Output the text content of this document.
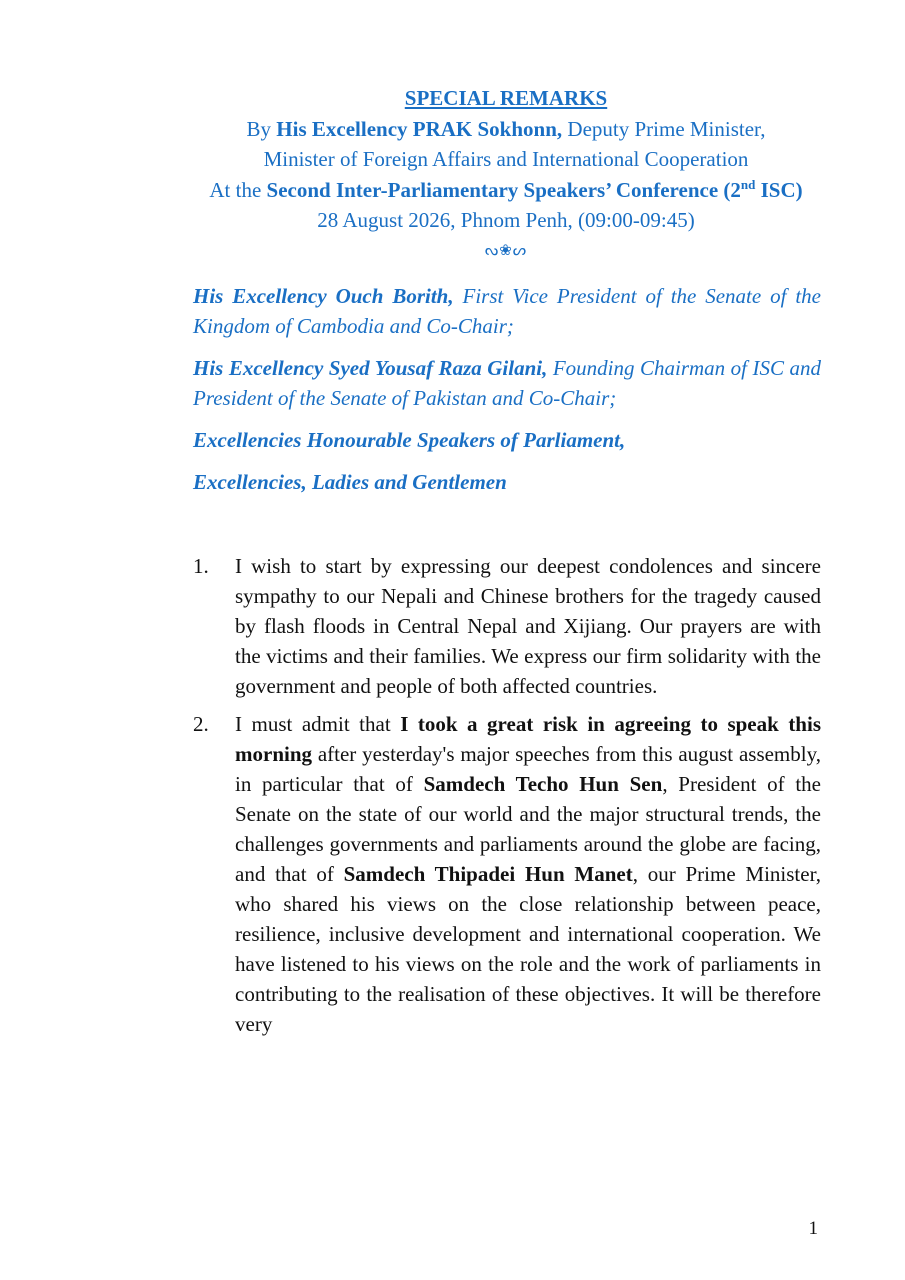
SPECIAL REMARKS
By His Excellency PRAK Sokhonn, Deputy Prime Minister,
Minister of Foreign Affairs and International Cooperation
At the Second Inter-Parliamentary Speakers’ Conference (2nd ISC)
28 August 2026, Phnom Penh, (09:00-09:45)
ᔓ❀ᔕ

His Excellency Ouch Borith, First Vice President of the Senate of the Kingdom of Cambodia and Co-Chair;

His Excellency Syed Yousaf Raza Gilani, Founding Chairman of ISC and President of the Senate of Pakistan and Co-Chair;

Excellencies Honourable Speakers of Parliament,

Excellencies, Ladies and Gentlemen

1. I wish to start by expressing our deepest condolences and sincere sympathy to our Nepali and Chinese brothers for the tragedy caused by flash floods in Central Nepal and Xijiang. Our prayers are with the victims and their families. We express our firm solidarity with the government and people of both affected countries.
2. I must admit that I took a great risk in agreeing to speak this morning after yesterday's major speeches from this august assembly, in particular that of Samdech Techo Hun Sen, President of the Senate on the state of our world and the major structural trends, the challenges governments and parliaments around the globe are facing, and that of Samdech Thipadei Hun Manet, our Prime Minister, who shared his views on the close relationship between peace, resilience, inclusive development and international cooperation. We have listened to his views on the role and the work of parliaments in contributing to the realisation of these objectives. It will be therefore very
1
